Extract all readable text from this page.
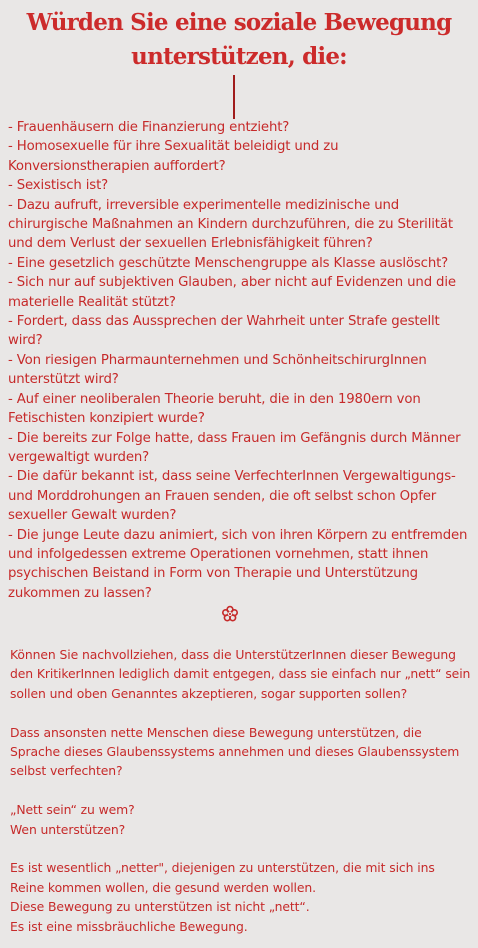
Würden Sie eine soziale Bewegung
unterstützen, die:
- Frauenhäusern die Finanzierung entzieht?
- Homosexuelle für ihre Sexualität beleidigt und zu Konversionstherapien auffordert?
- Sexistisch ist?
- Dazu aufruft, irreversible experimentelle medizinische und chirurgische Maßnahmen an Kindern durchzuführen, die zu Sterilität und dem Verlust der sexuellen Erlebnisfähigkeit führen?
- Eine gesetzlich geschützte Menschengruppe als Klasse auslöscht?
- Sich nur auf subjektiven Glauben, aber nicht auf Evidenzen und die materielle Realität stützt?
- Fordert, dass das Aussprechen der Wahrheit unter Strafe gestellt wird?
- Von riesigen Pharmaunternehmen und SchönheitschirurgInnen unterstützt wird?
- Auf einer neoliberalen Theorie beruht, die in den 1980ern von Fetischisten konzipiert wurde?
- Die bereits zur Folge hatte, dass Frauen im Gefängnis durch Männer vergewaltigt wurden?
- Die dafür bekannt ist, dass seine VerfechterInnen Vergewaltigungs- und Morddrohungen an Frauen senden, die oft selbst schon Opfer sexueller Gewalt wurden?
- Die junge Leute dazu animiert, sich von ihren Körpern zu entfremden und infolgedessen extreme Operationen vornehmen, statt ihnen psychischen Beistand in Form von Therapie und Unterstützung zukommen zu lassen?

Können Sie nachvollziehen, dass die UnterstützerInnen dieser Bewegung den KritikerInnen lediglich damit entgegen, dass sie einfach nur „nett“ sein sollen und oben Genanntes akzeptieren, sogar supporten sollen?

Dass ansonsten nette Menschen diese Bewegung unterstützen, die Sprache dieses Glaubenssystems annehmen und dieses Glaubenssystem selbst verfechten?

„Nett sein“ zu wem?
Wen unterstützen?

Es ist wesentlich „netter", diejenigen zu unterstützen, die mit sich ins Reine kommen wollen, die gesund werden wollen.
Diese Bewegung zu unterstützen ist nicht „nett“.
Es ist eine missbräuchliche Bewegung.
